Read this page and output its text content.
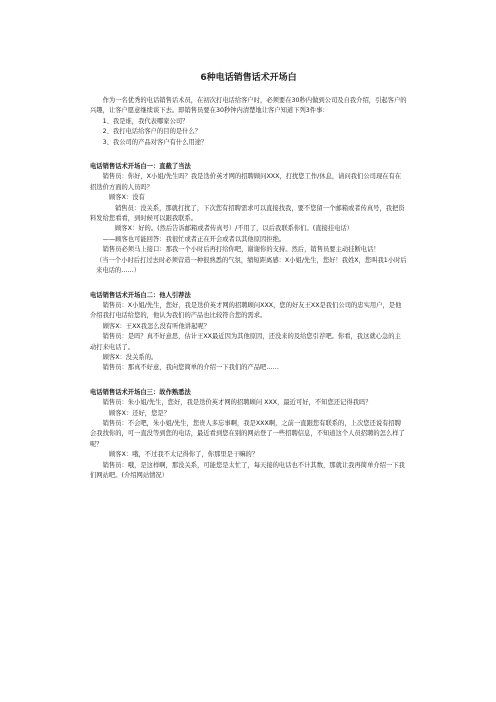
6种电话销售话术开场白

作为一名优秀的电话销售话术员，在初次打电话给客户时，必须要在30秒内做到公司及自我介绍，引起客户的兴趣，让客户愿意继续谈下去。即销售员要在30秒钟内清楚地让客户知道下列3件事：

1、我是谁，我代表哪家公司？

2、我打电话给客户的目的是什么？

3、我公司的产品对客户有什么用途？

电话销售话术开场白一：直截了当法

销售员：你好，X小姐/先生吗？我是迭价英才网的招聘顾问XXX，打扰您工作/休息，请问我们公司现在有在招迭价方面的人员吗？

顾客X：没有

销售员：没关系，那就打扰了，下次您有招聘需求可以直接找我，要不您留一个邮箱或者传真号，我把资料发给您看看，到时候可以跟我联系。

顾客X：好的。(然后告诉邮箱或者传真号）/不用了，以后我联系你们。(直接挂电话）

——顾客也可能回答：我很忙或者正在开会或者以其他原因拒绝。

销售员必须马上接口：那我一个小时后再打给你吧，谢谢你的支持。然后，销售员要主动挂断电话！

（当一个小时后打过去时必须营造一种很熟悉的气氛，缩短距离感：X小姐/先生，您好！我姓X，您叫我1小时后来电话的……）

电话销售话术开场白二：他人引荐法

销售员：X小姐/先生，您好，我是迭价英才网的招聘顾问XXX，您的好友王XX是我们公司的忠实用户，是他介绍我打电话给您的，他认为我们的产品也比较符合您的需求。

顾客X：王XX我怎么没有听他讲起呢？

销售员：是吗？真不好意思，估计王XX最近因为其他原因，还没来的及给您引荐吧。你看，我这就心急的主动打来电话了。

顾客X：没关系的。

销售员：那真不好意，我向您简单的介绍一下我们的产品吧……

电话销售话术开场白三：故作熟悉法

销售员：朱小姐/先生，您好，我是迭价英才网的招聘顾问 XXX，最近可好，不知您还记得我吗？

顾客X：还好，您是？

销售员：不会吧，朱小姐/先生，您贵人多忘事啊，我是XXX啊，之前一直跟您有联系的，上次您还说有招聘会我找你的，可一直没等到您的电话，最近看到您在别的网站登了一些招聘信息，不知道这个人员招聘的怎么样了呢？

顾客X：哦，不过我不太记得你了，你那里是干嘛的？

销售员：哦，是这样啊，那没关系，可能您是太忙了，每天接的电话也不计其数，那就让我再简单介绍一下我们网站吧。(介绍网站情况）
